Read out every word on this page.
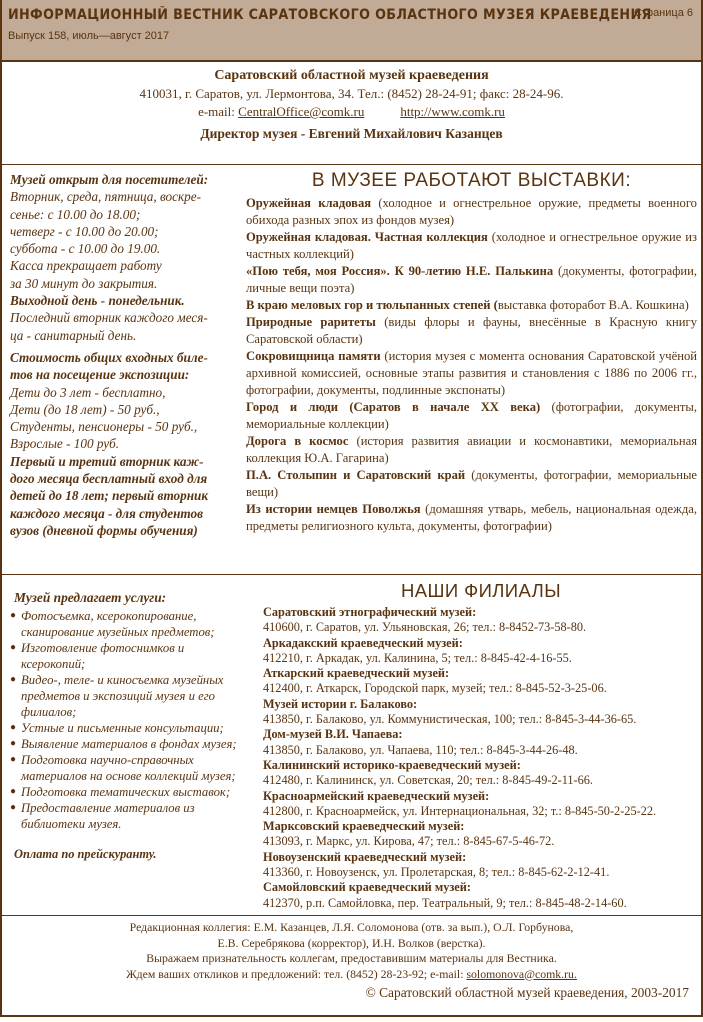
ИНФОРМАЦИОННЫЙ ВЕСТНИК САРАТОВСКОГО ОБЛАСТНОГО МУЗЕЯ КРАЕВЕДЕНИЯ
Выпуск 158, июль—август 2017
Страница 6
Саратовский областной музей краеведения
410031, г. Саратов, ул. Лермонтова, 34. Тел.: (8452) 28-24-91; факс: 28-24-96.
e-mail: CentralOffice@comk.ru	http://www.comk.ru
Директор музея - Евгений Михайлович Казанцев

Музей открыт для посетителей:

Вторник, среда, пятница, воскре-

сенье: с 10.00 до 18.00;

четверг - с 10.00 до 20.00;

суббота - с 10.00 до 19.00.

Касса прекращает работу

за 30 минут до закрытия.

Выходной день - понедельник.

Последний вторник каждого меся-

ца - санитарный день.

Стоимость общих входных биле-

тов на посещение экспозиции:

Дети до 3 лет - бесплатно,

Дети (до 18 лет) - 50 руб.,

Студенты, пенсионеры - 50 руб.,

Взрослые - 100 руб.

Первый и третий вторник каж-

дого месяца бесплатный вход для

детей до 18 лет; первый вторник

каждого месяца - для студентов

вузов (дневной формы обучения)

В МУЗЕЕ РАБОТАЮТ ВЫСТАВКИ:

Оружейная кладовая (холодное и огнестрельное оружие, предметы военного обихода разных эпох из фондов музея)

Оружейная кладовая. Частная коллекция (холодное и огнестрельное оружие из частных коллекций)

«Пою тебя, моя Россия». К 90-летию Н.Е. Палькина (документы, фотографии, личные вещи поэта)

В краю меловых гор и тюльпанных степей (выставка фоторабот В.А. Кошкина)

Природные раритеты (виды флоры и фауны, внесённые в Красную книгу Саратовской области)

Сокровищница памяти (история музея с момента основания Саратовской учёной архивной комиссией, основные этапы развития и становления с 1886 по 2006 гг., фотографии, документы, подлинные экспонаты)

Город и люди (Саратов в начале XX века) (фотографии, документы, мемориальные коллекции)

Дорога в космос (история развития авиации и космонавтики, мемориальная коллекция Ю.А. Гагарина)

П.А. Столыпин и Саратовский край (документы, фотографии, мемориальные вещи)

Из истории немцев Поволжья (домашняя утварь, мебель, национальная одежда, предметы религиозного культа, документы, фотографии)

Музей предлагает услуги:
● Фотосъемка, ксерокопирование, сканирование музейных предметов;
● Изготовление фотоснимков и ксерокопий;
● Видео-, теле- и киносъемка музейных предметов и экспозиций музея и его филиалов;
● Устные и письменные консультации;
● Выявление материалов в фондах музея;
● Подготовка научно-справочных материалов на основе коллекций музея;
● Подготовка тематических выставок;
● Предоставление материалов из библиотеки музея.
Оплата по прейскуранту.
НАШИ ФИЛИАЛЫ
Саратовский этнографический музей:
410600, г. Саратов, ул. Ульяновская, 26; тел.: 8-8452-73-58-80.
Аркадакский краеведческий музей:
412210, г. Аркадак, ул. Калинина, 5; тел.: 8-845-42-4-16-55.
Аткарский краеведческий музей:
412400, г. Аткарск, Городской парк, музей; тел.: 8-845-52-3-25-06.
Музей истории г. Балаково:
413850, г. Балаково, ул. Коммунистическая, 100; тел.: 8-845-3-44-36-65.
Дом-музей В.И. Чапаева:
413850, г. Балаково, ул. Чапаева, 110; тел.: 8-845-3-44-26-48.
Калининский историко-краеведческий музей:
412480, г. Калининск, ул. Советская, 20; тел.: 8-845-49-2-11-66.
Красноармейский краеведческий музей:
412800, г. Красноармейск, ул. Интернациональная, 32; т.: 8-845-50-2-25-22.
Марксовский краеведческий музей:
413093, г. Маркс, ул. Кирова, 47; тел.: 8-845-67-5-46-72.
Новоузенский краеведческий музей:
413360, г. Новоузенск, ул. Пролетарская, 8; тел.: 8-845-62-2-12-41.
Самойловский краеведческий музей:
412370, р.п. Самойловка, пер. Театральный, 9; тел.: 8-845-48-2-14-60.
Редакционная коллегия: Е.М. Казанцев, Л.Я. Соломонова (отв. за вып.), О.Л. Горбунова,
Е.В. Серебрякова (корректор), И.Н. Волков (верстка).
Выражаем признательность коллегам, предоставившим материалы для Вестника.
Ждем ваших откликов и предложений: тел. (8452) 28-23-92; e-mail: solomonova@comk.ru.
© Саратовский областной музей краеведения, 2003-2017
